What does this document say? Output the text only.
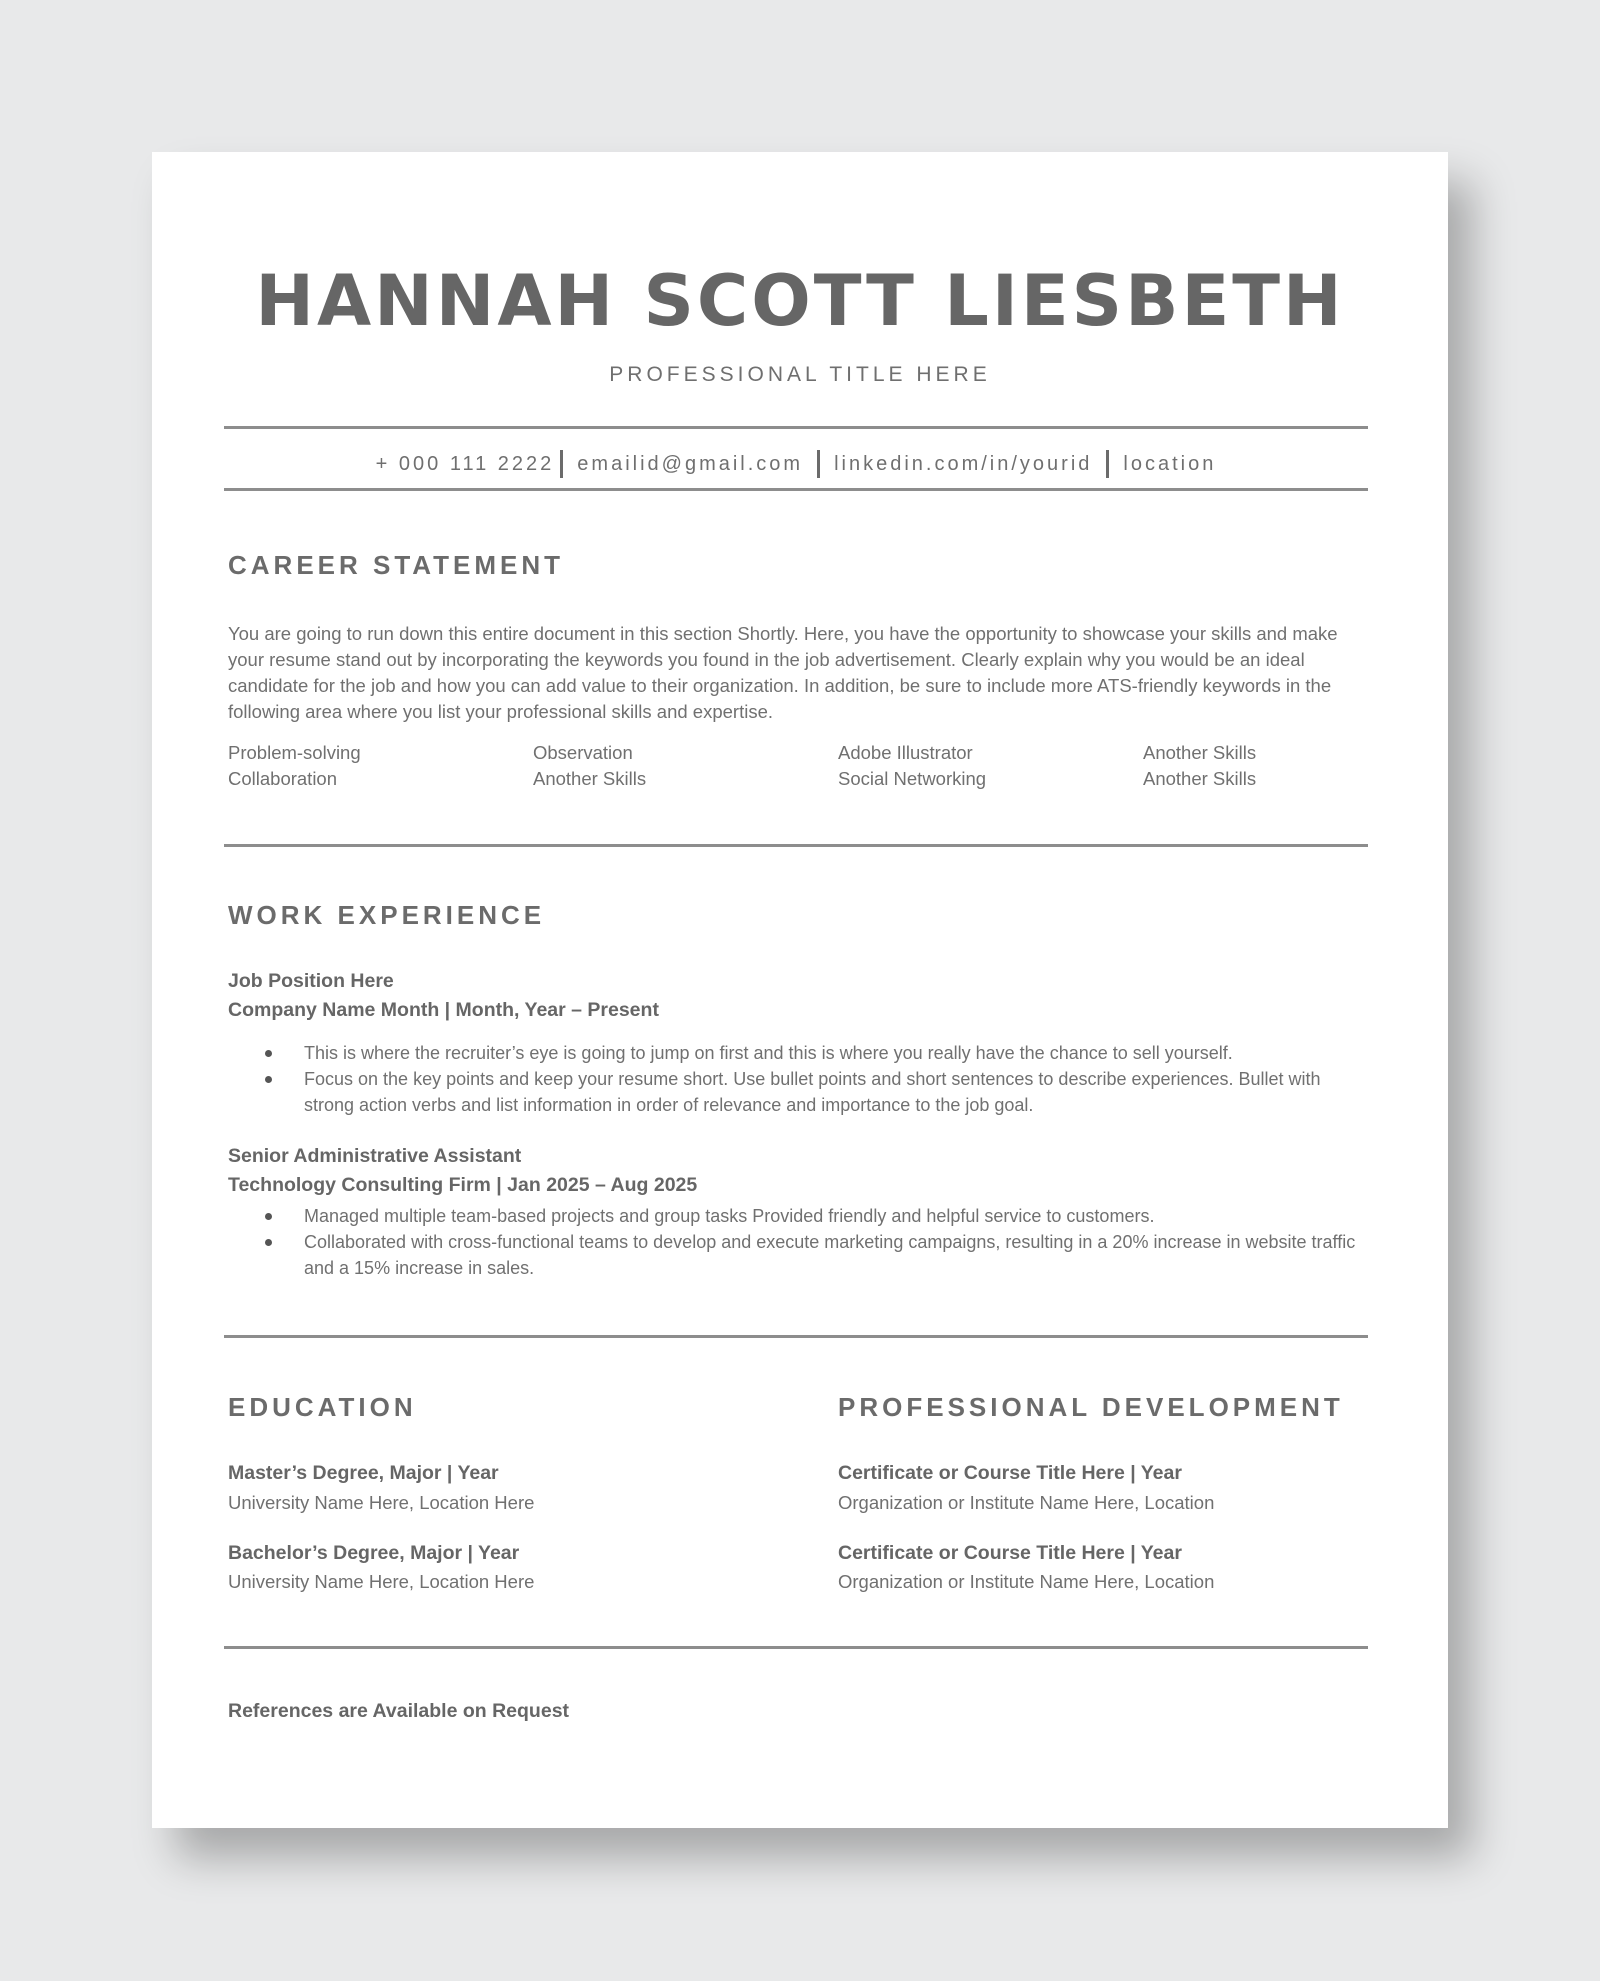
HANNAH SCOTT LIESBETH
PROFESSIONAL TITLE HERE
+ 000 111 2222 emailid@gmail.com linkedin.com/in/yourid location
CAREER STATEMENT
You are going to run down this entire document in this section Shortly. Here, you have the opportunity to showcase your skills and make your resume stand out by incorporating the keywords you found in the job advertisement. Clearly explain why you would be an ideal candidate for the job and how you can add value to their organization. In addition, be sure to include more ATS-friendly keywords in the following area where you list your professional skills and expertise.
Problem-solving	Observation	Adobe Illustrator	Another Skills
Collaboration	Another Skills	Social Networking	Another Skills
WORK EXPERIENCE
Job Position Here
Company Name Month | Month, Year – Present
This is where the recruiter’s eye is going to jump on first and this is where you really have the chance to sell yourself.
Focus on the key points and keep your resume short. Use bullet points and short sentences to describe experiences. Bullet with strong action verbs and list information in order of relevance and importance to the job goal.
Senior Administrative Assistant
Technology Consulting Firm | Jan 2025 – Aug 2025
Managed multiple team-based projects and group tasks Provided friendly and helpful service to customers.
Collaborated with cross-functional teams to develop and execute marketing campaigns, resulting in a 20% increase in website traffic and a 15% increase in sales.
EDUCATION
Master’s Degree, Major | Year
University Name Here, Location Here
Bachelor’s Degree, Major | Year
University Name Here, Location Here
PROFESSIONAL DEVELOPMENT
Certificate or Course Title Here | Year
Organization or Institute Name Here, Location
Certificate or Course Title Here | Year
Organization or Institute Name Here, Location
References are Available on Request
